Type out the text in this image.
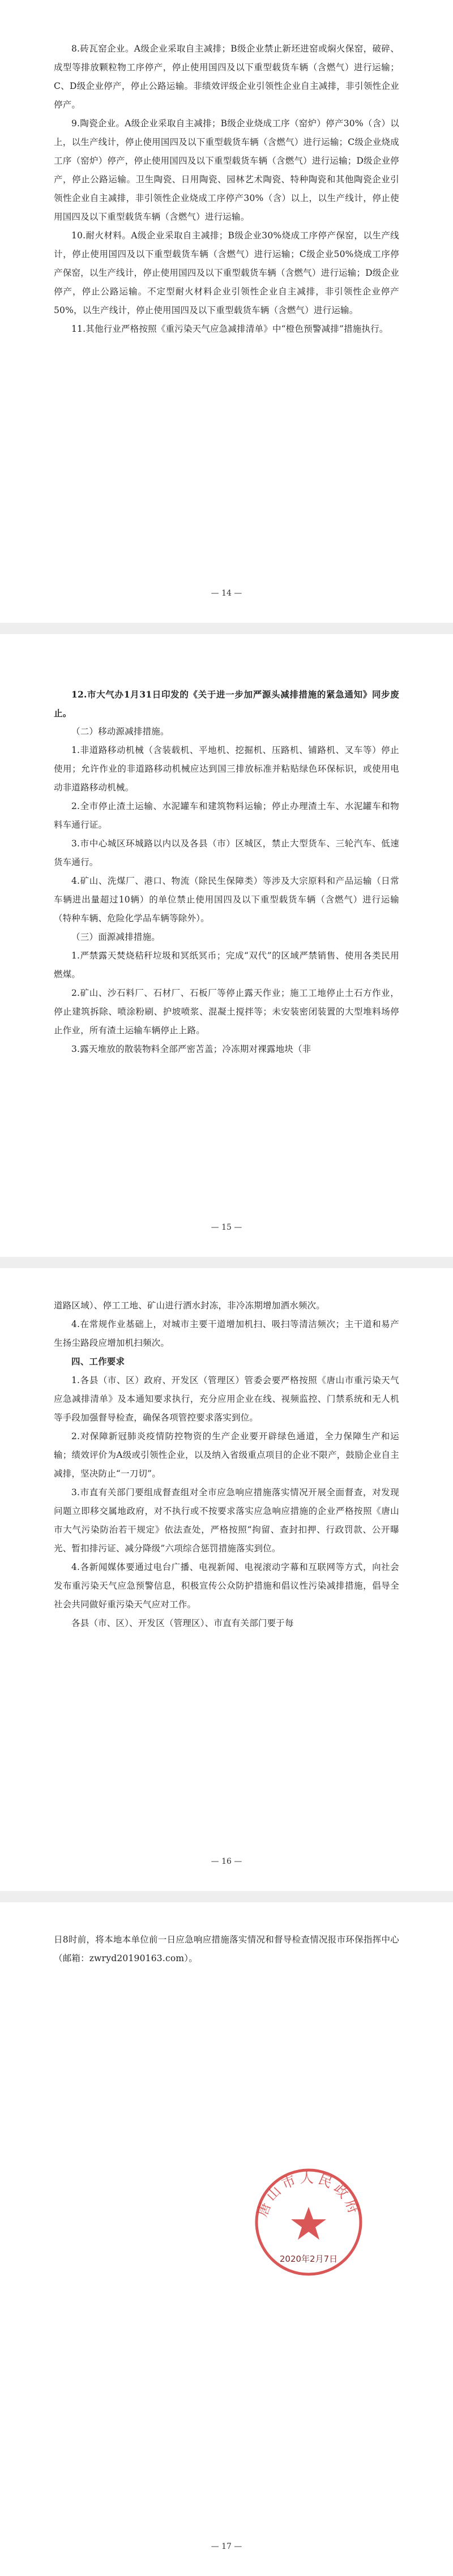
8.砖瓦窑企业。A级企业采取自主减排；B级企业禁止新坯进窑或焖火保窑，破碎、成型等排放颗粒物工序停产，停止使用国四及以下重型载货车辆（含燃气）进行运输；C、D级企业停产，停止公路运输。非绩效评级企业引领性企业自主减排，非引领性企业停产。

9.陶瓷企业。A级企业采取自主减排；B级企业烧成工序（窑炉）停产30%（含）以上，以生产线计，停止使用国四及以下重型载货车辆（含燃气）进行运输；C级企业烧成工序（窑炉）停产，停止使用国四及以下重型载货车辆（含燃气）进行运输；D级企业停产，停止公路运输。卫生陶瓷、日用陶瓷、园林艺术陶瓷、特种陶瓷和其他陶瓷企业引领性企业自主减排，非引领性企业烧成工序停产30%（含）以上，以生产线计，停止使用国四及以下重型载货车辆（含燃气）进行运输。

10.耐火材料。A级企业采取自主减排；B级企业30%烧成工序停产保窑，以生产线计，停止使用国四及以下重型载货车辆（含燃气）进行运输；C级企业50%烧成工序停产保窑，以生产线计，停止使用国四及以下重型载货车辆（含燃气）进行运输；D级企业停产，停止公路运输。不定型耐火材料企业引领性企业自主减排，非引领性企业停产50%，以生产线计，停止使用国四及以下重型载货车辆（含燃气）进行运输。

11.其他行业严格按照《重污染天气应急减排清单》中“橙色预警减排”措施执行。

— 14 —

12.市大气办1月31日印发的《关于进一步加严源头减排措施的紧急通知》同步废止。

（二）移动源减排措施。

1.非道路移动机械（含装载机、平地机、挖掘机、压路机、铺路机、叉车等）停止使用；允许作业的非道路移动机械应达到国三排放标准并粘贴绿色环保标识，或使用电动非道路移动机械。

2.全市停止渣土运输、水泥罐车和建筑物料运输；停止办理渣土车、水泥罐车和物料车通行证。

3.市中心城区环城路以内以及各县（市）区城区，禁止大型货车、三轮汽车、低速货车通行。

4.矿山、洗煤厂、港口、物流（除民生保障类）等涉及大宗原料和产品运输（日常车辆进出量超过10辆）的单位禁止使用国四及以下重型载货车辆（含燃气）进行运输（特种车辆、危险化学品车辆等除外）。

（三）面源减排措施。

1.严禁露天焚烧秸秆垃圾和冥纸冥币；完成“双代”的区域严禁销售、使用各类民用燃煤。

2.矿山、沙石料厂、石材厂、石板厂等停止露天作业；施工工地停止土石方作业，停止建筑拆除、喷涂粉刷、护坡喷浆、混凝土搅拌等；未安装密闭装置的大型堆料场停止作业，所有渣土运输车辆停止上路。

3.露天堆放的散装物料全部严密苫盖；冷冻期对裸露地块（非

— 15 —

道路区域）、停工工地、矿山进行洒水封冻，非冷冻期增加洒水频次。

4.在常规作业基础上，对城市主要干道增加机扫、吸扫等清洁频次；主干道和易产生扬尘路段应增加机扫频次。

四、工作要求

1.各县（市、区）政府、开发区（管理区）管委会要严格按照《唐山市重污染天气应急减排清单》及本通知要求执行，充分应用企业在线、视频监控、门禁系统和无人机等手段加强督导检查，确保各项管控要求落实到位。

2.对保障新冠肺炎疫情防控物资的生产企业要开辟绿色通道，全力保障生产和运输；绩效评价为A级或引领性企业，以及纳入省级重点项目的企业不限产，鼓励企业自主减排，坚决防止“一刀切”。

3.市直有关部门要组成督查组对全市应急响应措施落实情况开展全面督查，对发现问题立即移交属地政府，对不执行或不按要求落实应急响应措施的企业严格按照《唐山市大气污染防治若干规定》依法查处，严格按照“拘留、查封扣押、行政罚款、公开曝光、暂扣排污证、减分降级”六项综合惩罚措施落实到位。

4.各新闻媒体要通过电台广播、电视新闻、电视滚动字幕和互联网等方式，向社会发布重污染天气应急预警信息，积极宣传公众防护措施和倡议性污染减排措施，倡导全社会共同做好重污染天气应对工作。

各县（市、区）、开发区（管理区）、市直有关部门要于每

— 16 —

日8时前，将本地本单位前一日应急响应措施落实情况和督导检查情况报市环保指挥中心（邮箱：zwryd20190163.com）。

唐山市人民政府
2020年2月7日
— 17 —
